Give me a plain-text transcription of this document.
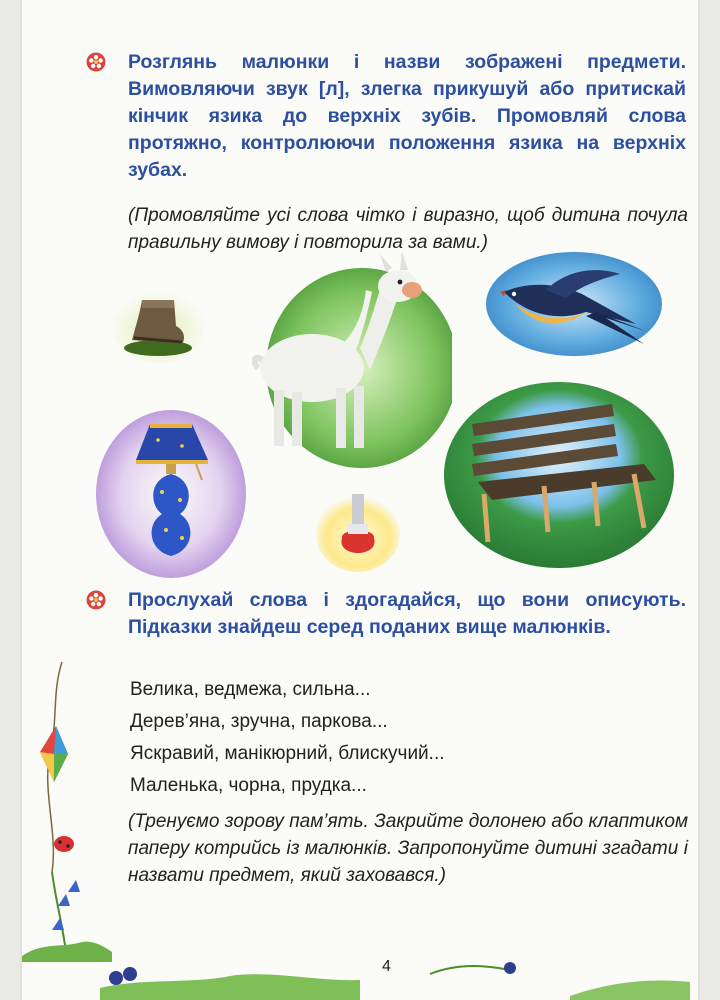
Розглянь малюнки і назви зображені предмети. Вимовляючи звук [л], злегка прикушуй або притискай кінчик язика до верхніх зубів. Промовляй слова протяжно, контролюючи положення язика на верхніх зубах.

(Промовляйте усі слова чітко і виразно, щоб дитина почула правильну вимову і повторила за вами.)

Прослухай слова і здогадайся, що вони описують. Підказки знайдеш серед поданих вище малюнків.

Велика, ведмежа, сильна...

Дерев’яна, зручна, паркова...

Яскравий, манікюрний, блискучий...

Маленька, чорна, прудка...

(Тренуємо зорову пам’ять. Закрийте долонею або клаптиком паперу котрийсь із малюнків. Запропонуйте дитині згадати і назвати предмет, який заховався.)

4
